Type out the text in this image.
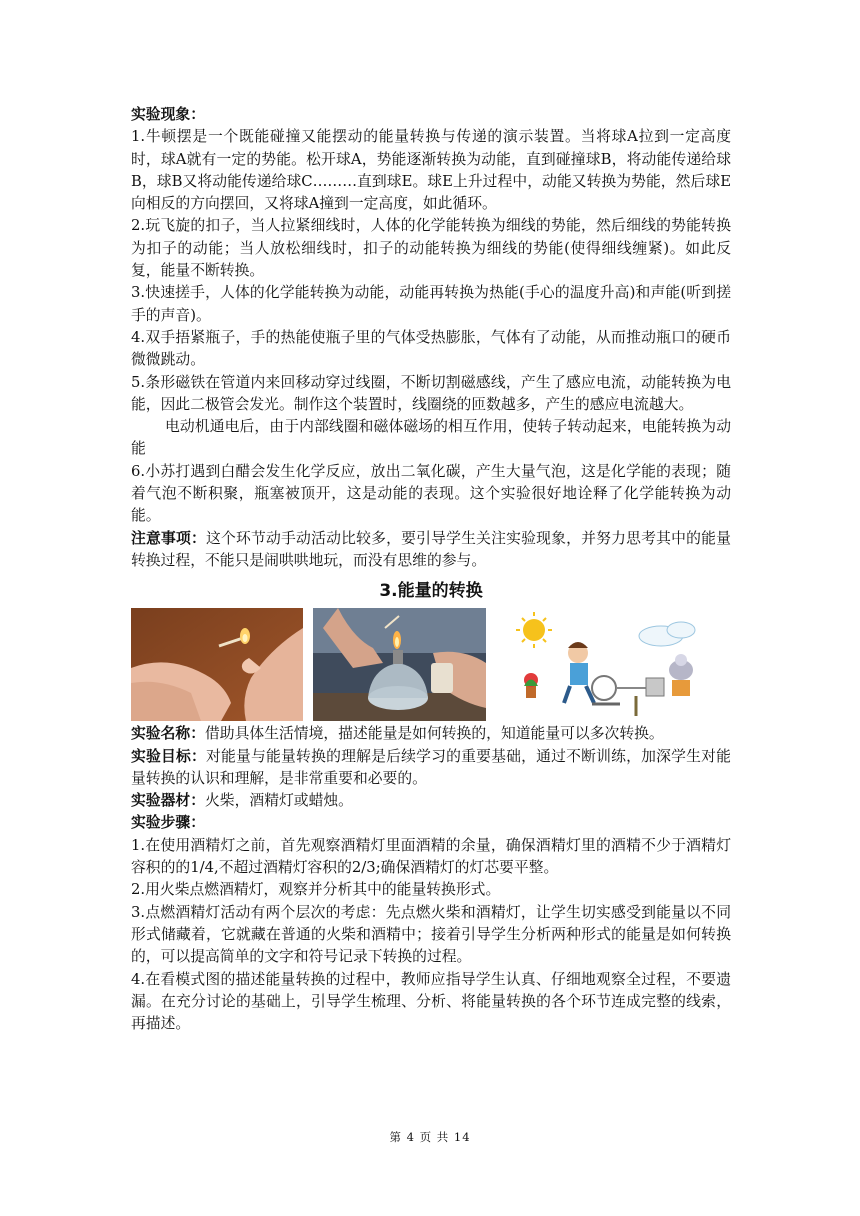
实验现象：

1.牛顿摆是一个既能碰撞又能摆动的能量转换与传递的演示装置。当将球A拉到一定高度时，球A就有一定的势能。松开球A，势能逐渐转换为动能，直到碰撞球B，将动能传递给球B，球B又将动能传递给球C………直到球E。球E上升过程中，动能又转换为势能，然后球E向相反的方向摆回，又将球A撞到一定高度，如此循环。

2.玩飞旋的扣子，当人拉紧细线时，人体的化学能转换为细线的势能，然后细线的势能转换为扣子的动能；当人放松细线时，扣子的动能转换为细线的势能(使得细线缠紧)。如此反复，能量不断转换。

3.快速搓手，人体的化学能转换为动能，动能再转换为热能(手心的温度升高)和声能(听到搓手的声音)。

4.双手捂紧瓶子，手的热能使瓶子里的气体受热膨胀，气体有了动能，从而推动瓶口的硬币微微跳动。

5.条形磁铁在管道内来回移动穿过线圈，不断切割磁感线，产生了感应电流，动能转换为电能，因此二极管会发光。制作这个装置时，线圈绕的匝数越多，产生的感应电流越大。

电动机通电后，由于内部线圈和磁体磁场的相互作用，使转子转动起来，电能转换为动能

6.小苏打遇到白醋会发生化学反应，放出二氧化碳，产生大量气泡，这是化学能的表现；随着气泡不断积聚，瓶塞被顶开，这是动能的表现。这个实验很好地诠释了化学能转换为动能。

注意事项：这个环节动手动活动比较多，要引导学生关注实验现象，并努力思考其中的能量转换过程，不能只是闹哄哄地玩，而没有思维的参与。

3.能量的转换

实验名称：借助具体生活情境，描述能量是如何转换的，知道能量可以多次转换。

实验目标：对能量与能量转换的理解是后续学习的重要基础，通过不断训练，加深学生对能量转换的认识和理解，是非常重要和必要的。

实验器材：火柴，酒精灯或蜡烛。

实验步骤：

1.在使用酒精灯之前，首先观察酒精灯里面酒精的余量，确保酒精灯里的酒精不少于酒精灯容积的的1/4,不超过酒精灯容积的2/3;确保酒精灯的灯芯要平整。

2.用火柴点燃酒精灯，观察并分析其中的能量转换形式。

3.点燃酒精灯活动有两个层次的考虑：先点燃火柴和酒精灯，让学生切实感受到能量以不同形式储藏着，它就藏在普通的火柴和酒精中；接着引导学生分析两种形式的能量是如何转换的，可以提高简单的文字和符号记录下转换的过程。

4.在看模式图的描述能量转换的过程中，教师应指导学生认真、仔细地观察全过程，不要遗漏。在充分讨论的基础上，引导学生梳理、分析、将能量转换的各个环节连成完整的线索，再描述。

第 4 页 共 14
